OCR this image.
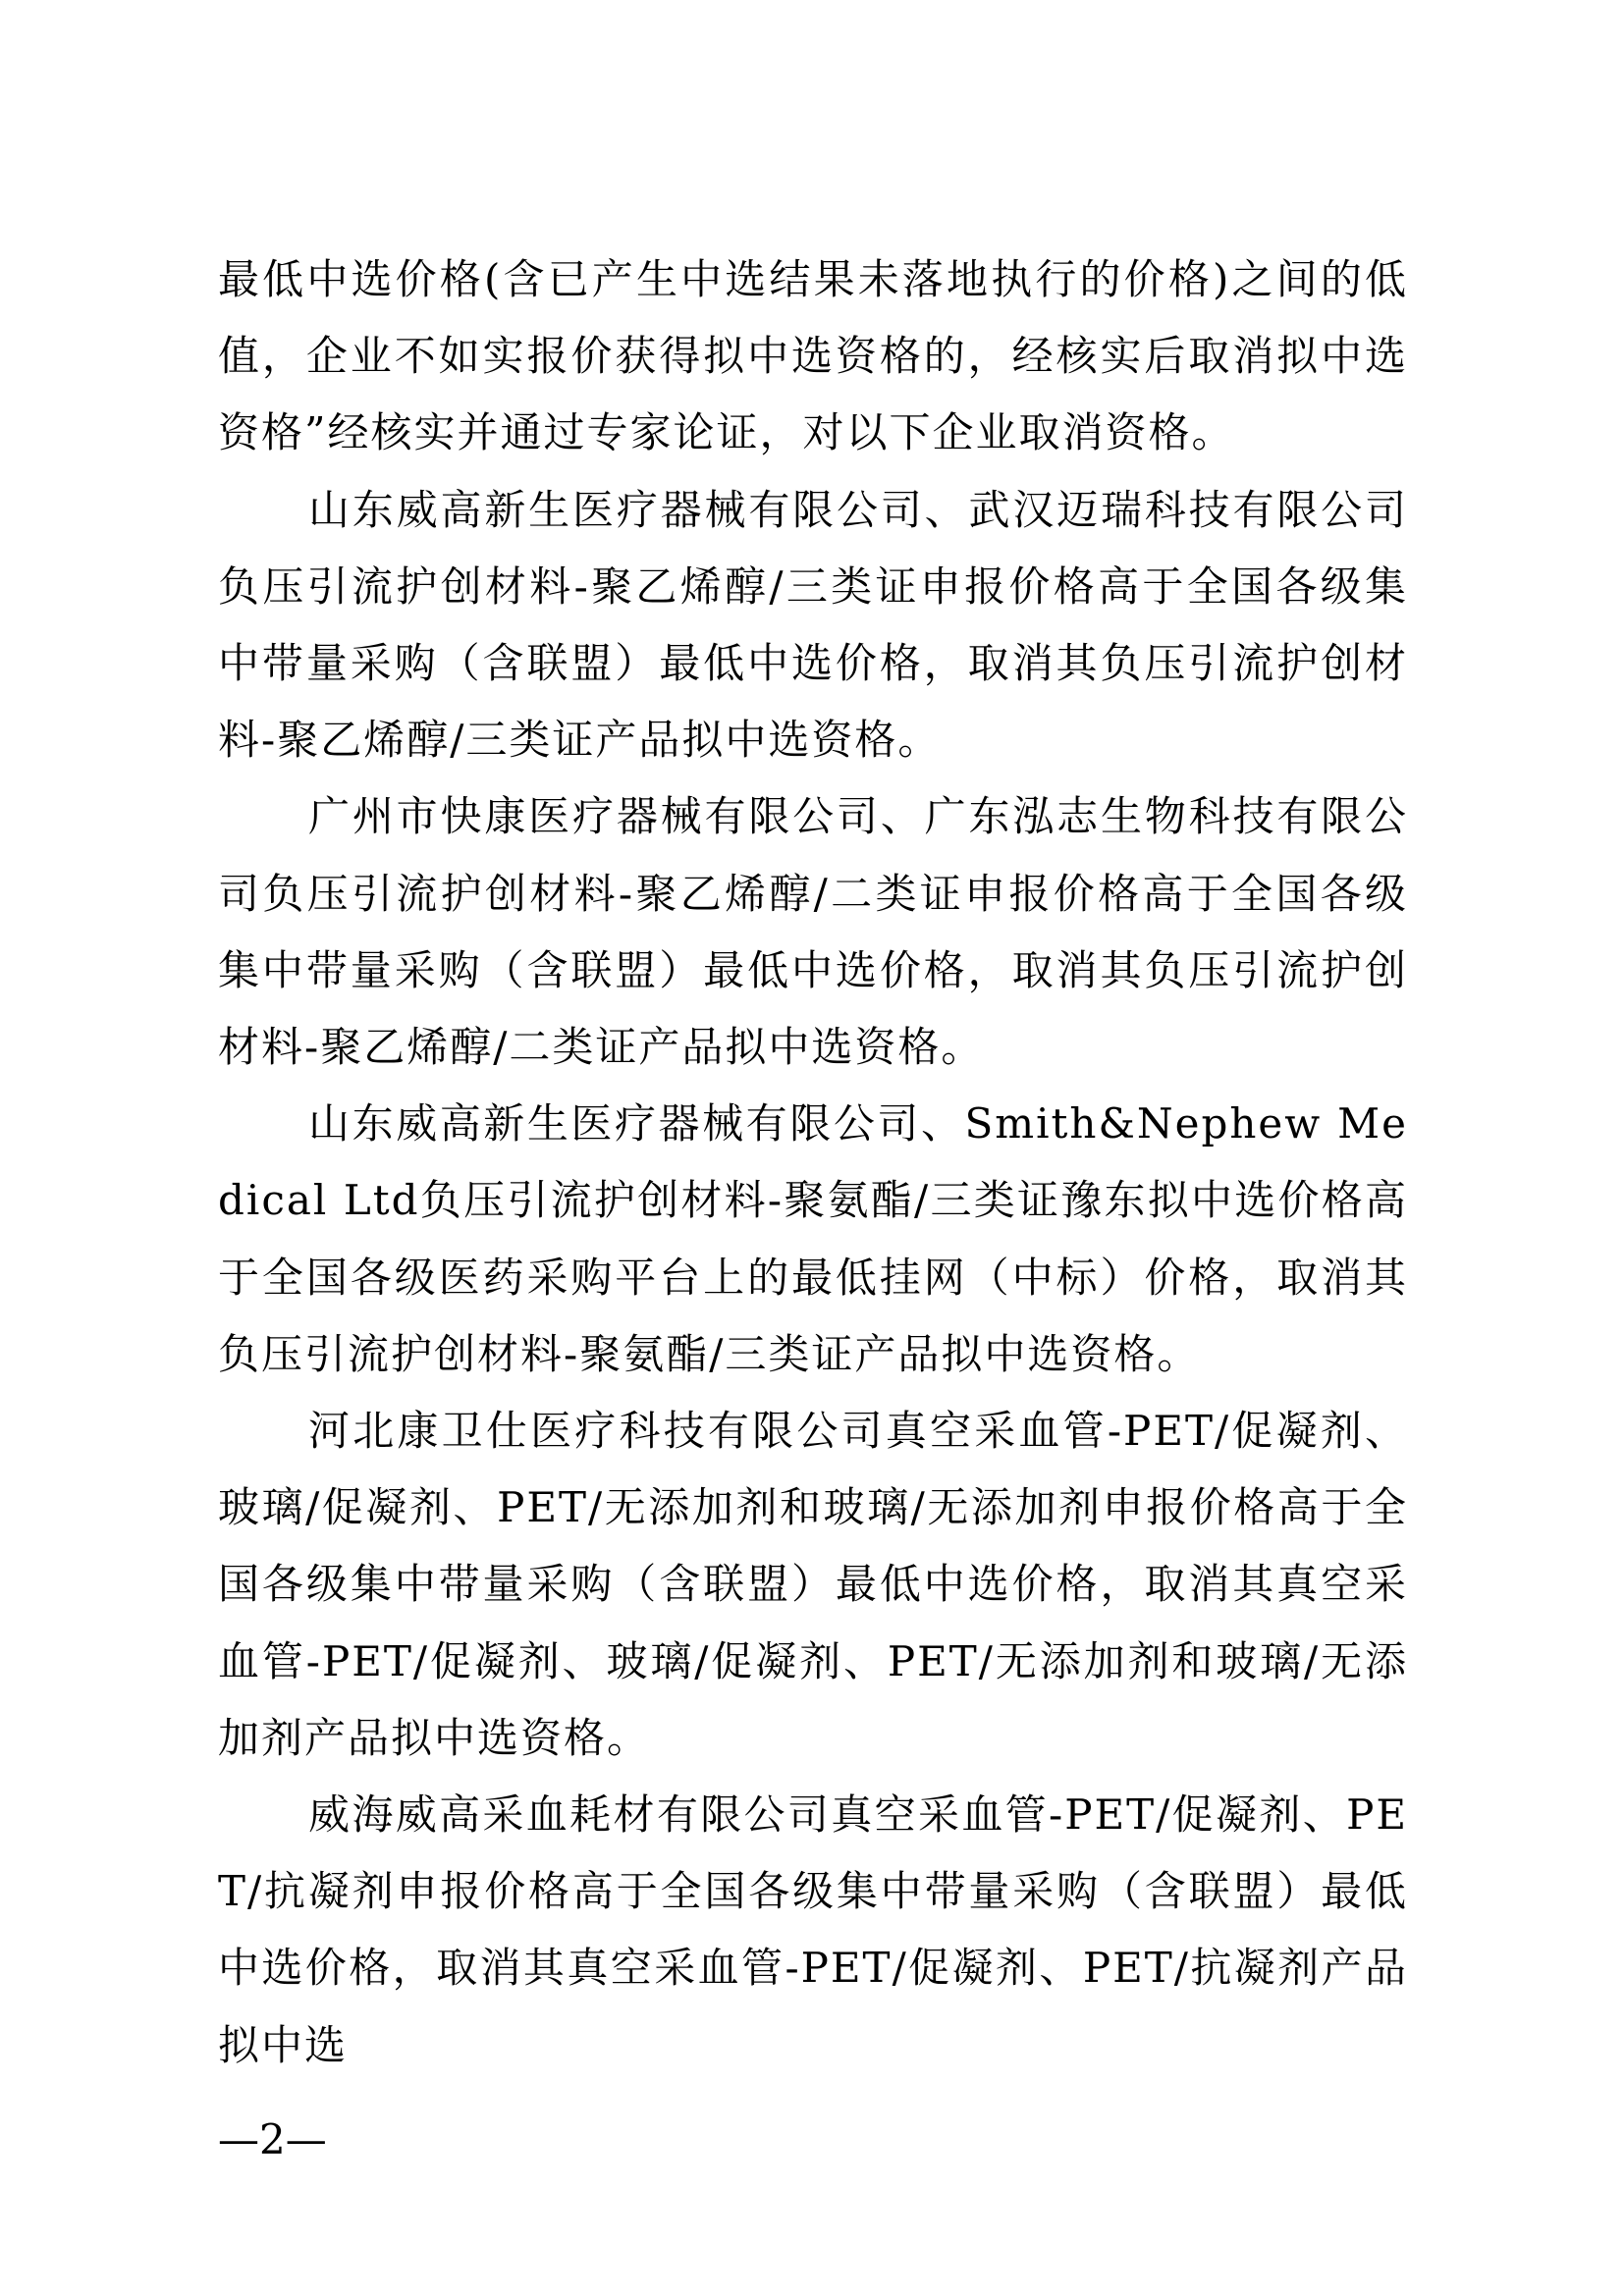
最低中选价格(含已产生中选结果未落地执行的价格)之间的低值，企业不如实报价获得拟中选资格的，经核实后取消拟中选资格”经核实并通过专家论证，对以下企业取消资格。

山东威高新生医疗器械有限公司、武汉迈瑞科技有限公司负压引流护创材料-聚乙烯醇/三类证申报价格高于全国各级集中带量采购（含联盟）最低中选价格，取消其负压引流护创材料-聚乙烯醇/三类证产品拟中选资格。

广州市快康医疗器械有限公司、广东泓志生物科技有限公司负压引流护创材料-聚乙烯醇/二类证申报价格高于全国各级集中带量采购（含联盟）最低中选价格，取消其负压引流护创材料-聚乙烯醇/二类证产品拟中选资格。

山东威高新生医疗器械有限公司、Smith&Nephew Medical Ltd负压引流护创材料-聚氨酯/三类证豫东拟中选价格高于全国各级医药采购平台上的最低挂网（中标）价格，取消其负压引流护创材料-聚氨酯/三类证产品拟中选资格。

河北康卫仕医疗科技有限公司真空采血管-PET/促凝剂、玻璃/促凝剂、PET/无添加剂和玻璃/无添加剂申报价格高于全国各级集中带量采购（含联盟）最低中选价格，取消其真空采血管-PET/促凝剂、玻璃/促凝剂、PET/无添加剂和玻璃/无添加剂产品拟中选资格。

威海威高采血耗材有限公司真空采血管-PET/促凝剂、PET/抗凝剂申报价格高于全国各级集中带量采购（含联盟）最低中选价格，取消其真空采血管-PET/促凝剂、PET/抗凝剂产品拟中选

—2—
